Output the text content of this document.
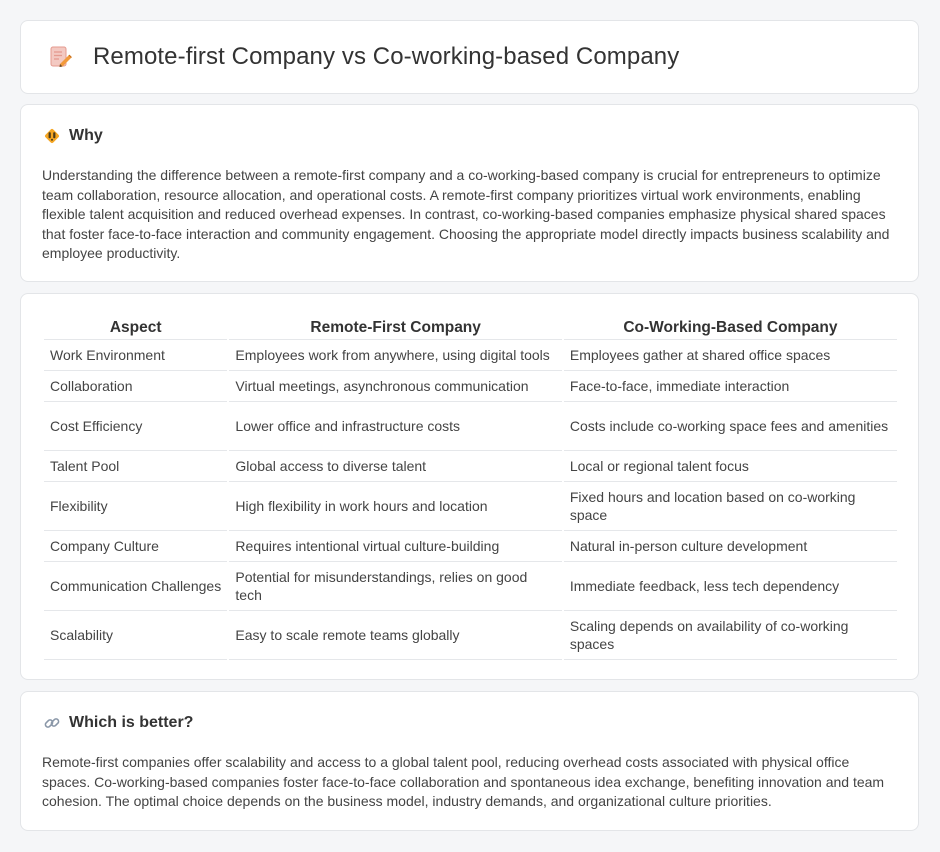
Remote-first Company vs Co-working-based Company
Why

Understanding the difference between a remote-first company and a co-working-based company is crucial for entrepreneurs to optimize team collaboration, resource allocation, and operational costs. A remote-first company prioritizes virtual work environments, enabling flexible talent acquisition and reduced overhead expenses. In contrast, co-working-based companies emphasize physical shared spaces that foster face-to-face interaction and community engagement. Choosing the appropriate model directly impacts business scalability and employee productivity.

Aspect	Remote-First Company	Co-Working-Based Company
Work Environment	Employees work from anywhere, using digital tools	Employees gather at shared office spaces
Collaboration	Virtual meetings, asynchronous communication	Face-to-face, immediate interaction
Cost Efficiency	Lower office and infrastructure costs	Costs include co-working space fees and amenities
Talent Pool	Global access to diverse talent	Local or regional talent focus
Flexibility	High flexibility in work hours and location	Fixed hours and location based on co-working space
Company Culture	Requires intentional virtual culture-building	Natural in-person culture development
Communication Challenges	Potential for misunderstandings, relies on good tech	Immediate feedback, less tech dependency
Scalability	Easy to scale remote teams globally	Scaling depends on availability of co-working spaces
Which is better?

Remote-first companies offer scalability and access to a global talent pool, reducing overhead costs associated with physical office spaces. Co-working-based companies foster face-to-face collaboration and spontaneous idea exchange, benefiting innovation and team cohesion. The optimal choice depends on the business model, industry demands, and organizational culture priorities.
